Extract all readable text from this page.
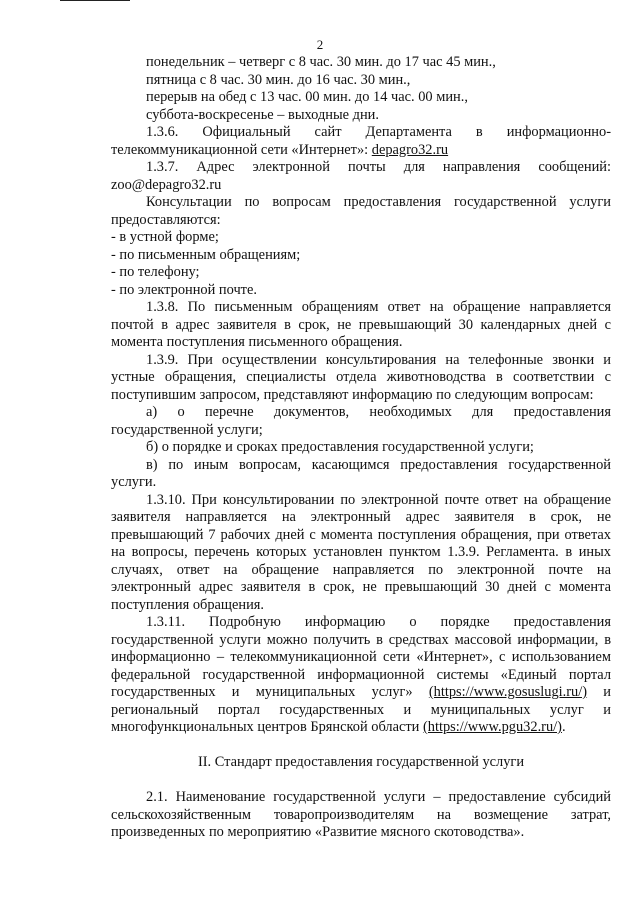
2

понедельник – четверг с 8 час. 30 мин. до 17 час 45 мин.,

пятница с 8 час. 30 мин. до 16 час. 30 мин.,

перерыв на обед с 13 час. 00 мин. до 14 час. 00 мин.,

суббота-воскресенье – выходные дни.

1.3.6. Официальный сайт Департамента в информационно-телекоммуникационной сети «Интернет»: depagro32.ru

1.3.7. Адрес электронной почты для направления сообщений: zoo@depagro32.ru

Консультации по вопросам предоставления государственной услуги предоставляются:

- в устной форме;

- по письменным обращениям;

- по телефону;

- по электронной почте.

1.3.8. По письменным обращениям ответ на обращение направляется почтой в адрес заявителя в срок, не превышающий 30 календарных дней с момента поступления письменного обращения.

1.3.9. При осуществлении консультирования на телефонные звонки и устные обращения, специалисты отдела животноводства в соответствии с поступившим запросом, представляют информацию по следующим вопросам:

а) о перечне документов, необходимых для предоставления государственной услуги;

б) о порядке и сроках предоставления государственной услуги;

в) по иным вопросам, касающимся предоставления государственной услуги.

1.3.10. При консультировании по электронной почте ответ на обращение заявителя направляется на электронный адрес заявителя в срок, не превышающий 7 рабочих дней с момента поступления обращения, при ответах на вопросы, перечень которых установлен пунктом 1.3.9. Регламента. в иных случаях, ответ на обращение направляется по электронной почте на электронный адрес заявителя в срок, не превышающий 30 дней с момента поступления обращения.

1.3.11. Подробную информацию о порядке предоставления государственной услуги можно получить в средствах массовой информации, в информационно – телекоммуникационной сети «Интернет», с использованием федеральной государственной информационной системы «Единый портал государственных и муниципальных услуг» (https://www.gosuslugi.ru/) и региональный портал государственных и муниципальных услуг и многофункциональных центров Брянской области (https://www.pgu32.ru/).

II. Стандарт предоставления государственной услуги

2.1. Наименование государственной услуги – предоставление субсидий сельскохозяйственным товаропроизводителям на возмещение затрат, произведенных по мероприятию «Развитие мясного скотоводства».
